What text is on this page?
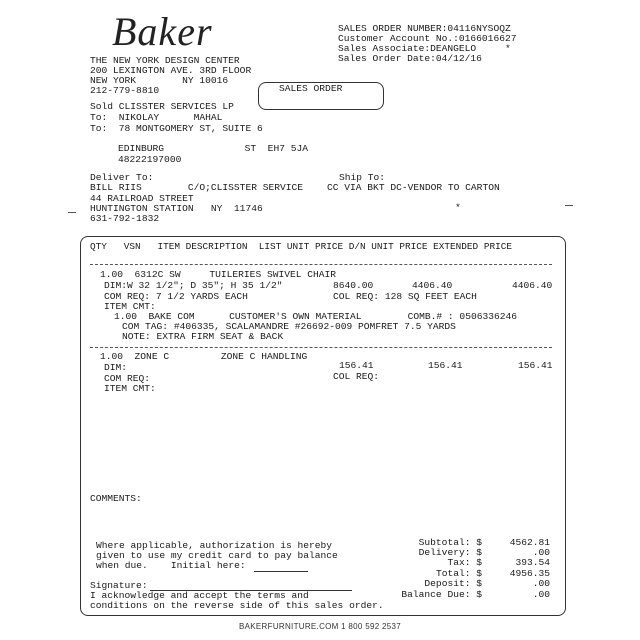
Baker
THE NEW YORK DESIGN CENTER
200 LEXINGTON AVE. 3RD FLOOR
NEW YORK        NY 10016
212-779-8810
SALES ORDER NUMBER:04116NYSOQZ
Customer Account No.:0166016627
Sales Associate:DEANGELO     *
Sales Order Date:04/12/16
SALES ORDER
Sold CLISSTER SERVICES LP
To:  NIKOLAY      MAHAL
To:  78 MONTGOMERY ST, SUITE 6
EDINBURG              ST  EH7 5JA
48222197000
Deliver To:
BILL RIIS        C/O;CLISSTER SERVICE
44 RAILROAD STREET
HUNTINGTON STATION   NY  11746
631-792-1832
Ship To:
CC VIA BKT DC-VENDOR TO CARTON
*
QTY   VSN   ITEM DESCRIPTION  LIST UNIT PRICE D/N UNIT PRICE EXTENDED PRICE
1.00  6312C SW     TUILERIES SWIVEL CHAIR
DIM:W 32 1/2"; D 35"; H 35 1/2"	8640.00	4406.40	4406.40
COM REQ: 7 1/2 YARDS EACH	COL REQ: 128 SQ FEET EACH
ITEM CMT:
1.00  BAKE COM      CUSTOMER'S OWN MATERIAL        COMB.# : 0506336246
COM TAG: #406335, SCALAMANDRE #26692-009 POMFRET 7.5 YARDS
NOTE: EXTRA FIRM SEAT & BACK
1.00  ZONE C         ZONE C HANDLING
DIM:	156.41	156.41	156.41
COM REQ:	COL REQ:
ITEM CMT:
COMMENTS:
Where applicable, authorization is hereby
given to use my credit card to pay balance
when due.    Initial here:
Signature:
I acknowledge and accept the terms and
conditions on the reverse side of this sales order.
Subtotal: $	4562.81
Delivery: $	.00
Tax: $	393.54
Total: $	4956.35
Deposit: $	.00
Balance Due: $	.00
BAKERFURNITURE.COM 1 800 592 2537
